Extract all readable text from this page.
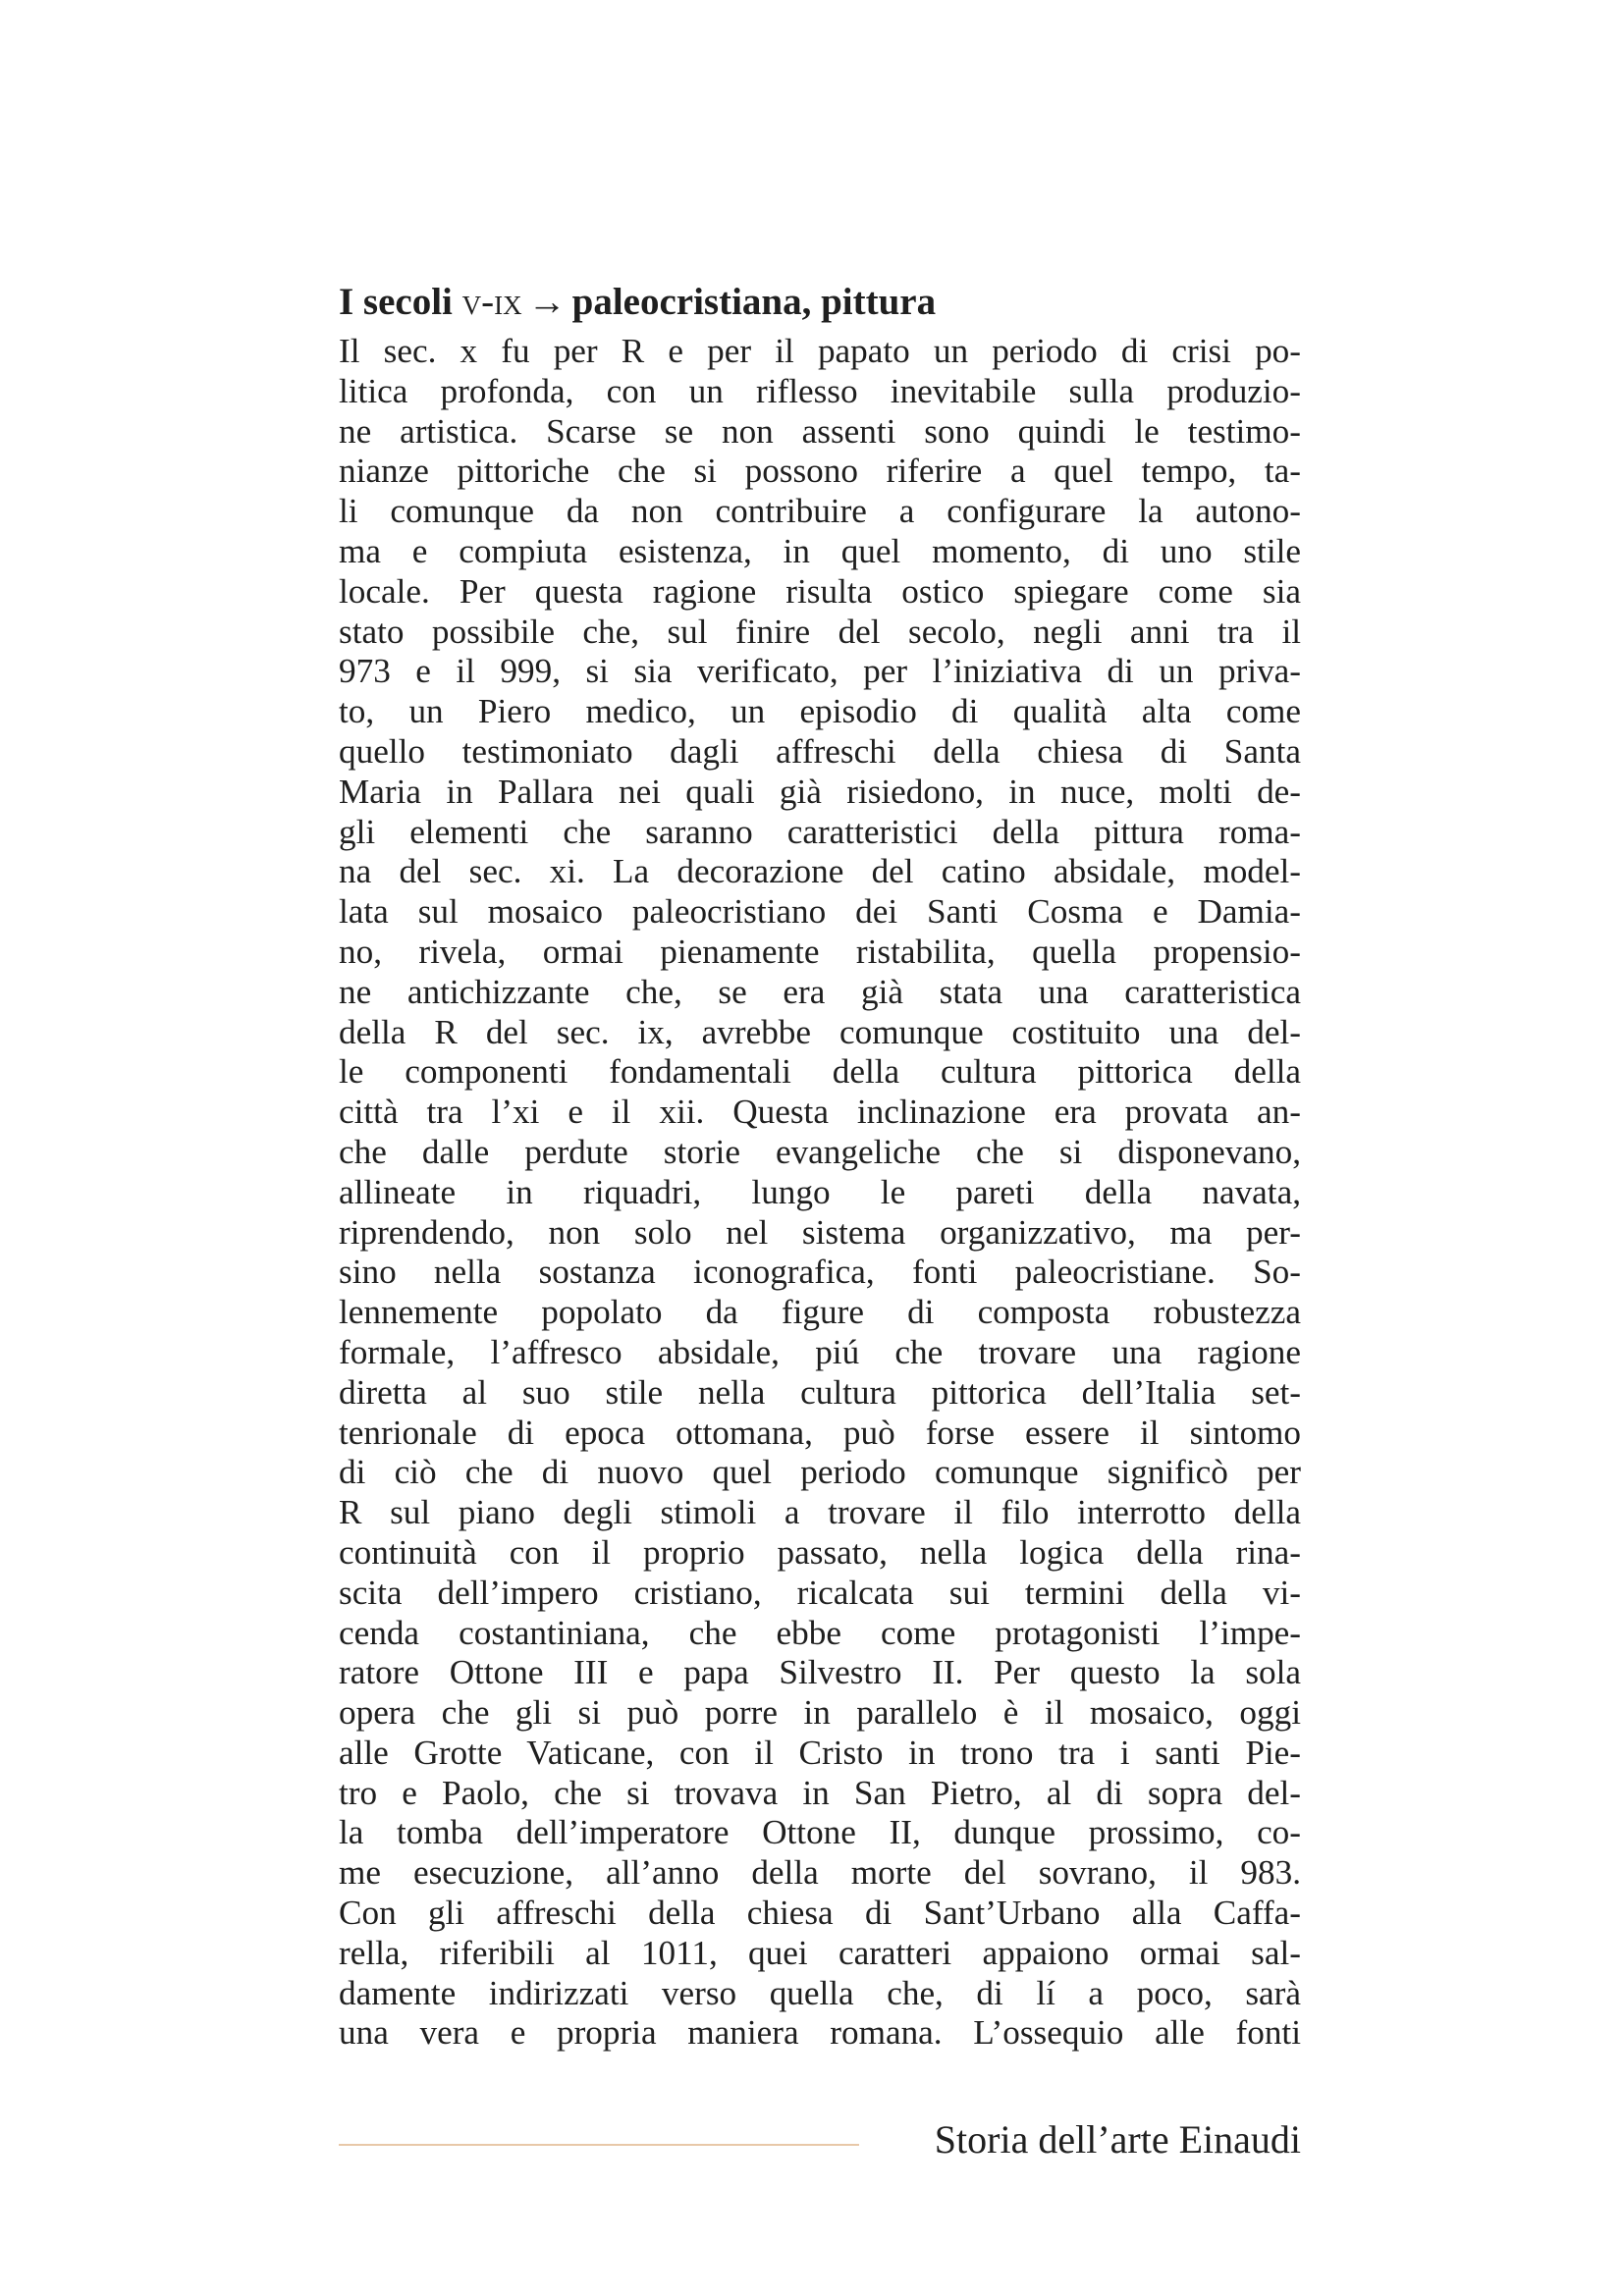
I secoli v-ix → paleocristiana, pittura
Il sec. x fu per R e per il papato un periodo di crisi po-
litica profonda, con un riflesso inevitabile sulla produzio-
ne artistica. Scarse se non assenti sono quindi le testimo-
nianze pittoriche che si possono riferire a quel tempo, ta-
li comunque da non contribuire a configurare la autono-
ma e compiuta esistenza, in quel momento, di uno stile
locale. Per questa ragione risulta ostico spiegare come sia
stato possibile che, sul finire del secolo, negli anni tra il
973 e il 999, si sia verificato, per l’iniziativa di un priva-
to, un Piero medico, un episodio di qualità alta come
quello testimoniato dagli affreschi della chiesa di Santa
Maria in Pallara nei quali già risiedono, in nuce, molti de-
gli elementi che saranno caratteristici della pittura roma-
na del sec. xi. La decorazione del catino absidale, model-
lata sul mosaico paleocristiano dei Santi Cosma e Damia-
no, rivela, ormai pienamente ristabilita, quella propensio-
ne antichizzante che, se era già stata una caratteristica
della R del sec. ix, avrebbe comunque costituito una del-
le componenti fondamentali della cultura pittorica della
città tra l’xi e il xii. Questa inclinazione era provata an-
che dalle perdute storie evangeliche che si disponevano,
allineate in riquadri, lungo le pareti della navata,
riprendendo, non solo nel sistema organizzativo, ma per-
sino nella sostanza iconografica, fonti paleocristiane. So-
lennemente popolato da figure di composta robustezza
formale, l’affresco absidale, piú che trovare una ragione
diretta al suo stile nella cultura pittorica dell’Italia set-
tenrionale di epoca ottomana, può forse essere il sintomo
di ciò che di nuovo quel periodo comunque significò per
R sul piano degli stimoli a trovare il filo interrotto della
continuità con il proprio passato, nella logica della rina-
scita dell’impero cristiano, ricalcata sui termini della vi-
cenda costantiniana, che ebbe come protagonisti l’impe-
ratore Ottone III e papa Silvestro II. Per questo la sola
opera che gli si può porre in parallelo è il mosaico, oggi
alle Grotte Vaticane, con il Cristo in trono tra i santi Pie-
tro e Paolo, che si trovava in San Pietro, al di sopra del-
la tomba dell’imperatore Ottone II, dunque prossimo, co-
me esecuzione, all’anno della morte del sovrano, il 983.
Con gli affreschi della chiesa di Sant’Urbano alla Caffa-
rella, riferibili al 1011, quei caratteri appaiono ormai sal-
damente indirizzati verso quella che, di lí a poco, sarà
una vera e propria maniera romana. L’ossequio alle fonti
Storia dell’arte Einaudi
